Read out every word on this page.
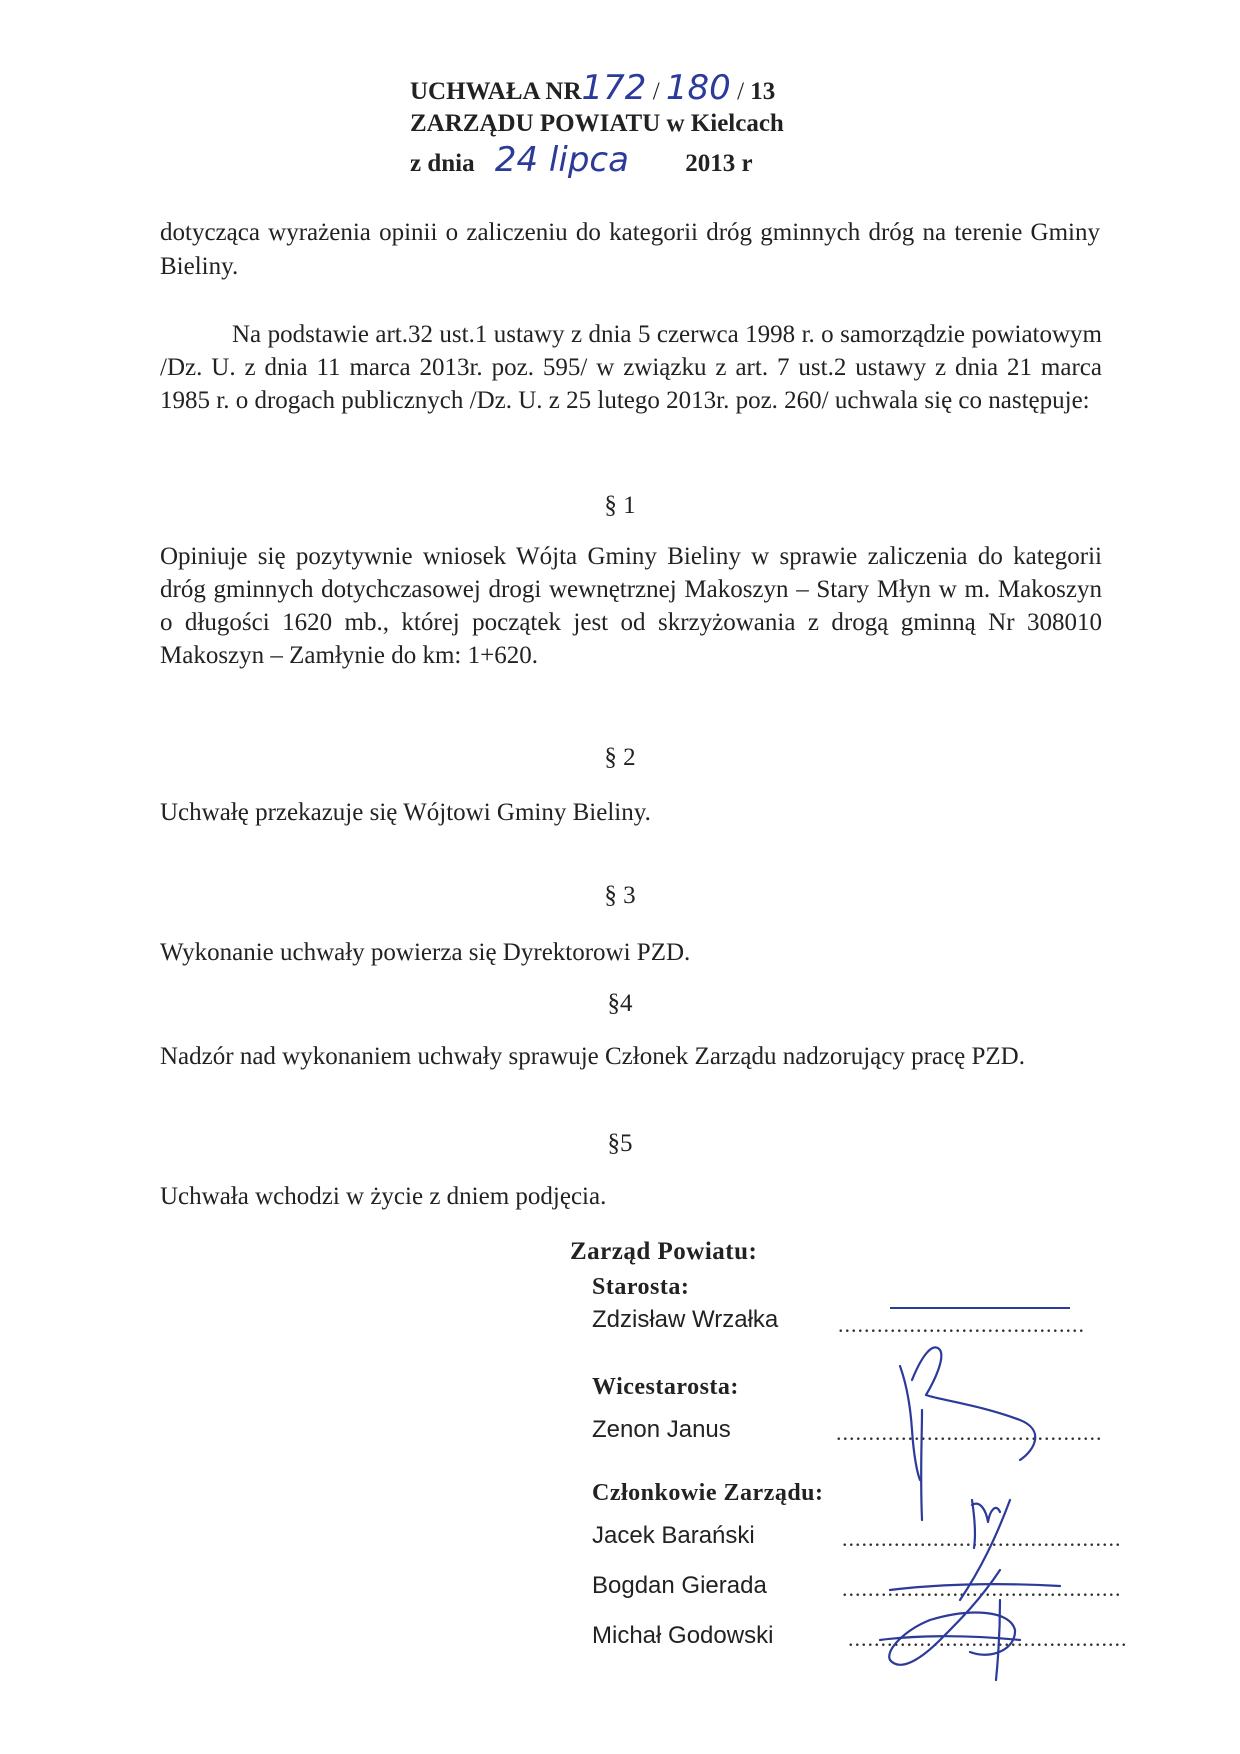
UCHWAŁA NR172 / 180 / 13
ZARZĄDU POWIATU w Kielcach
z dnia 24 lipca 2013 r
dotycząca wyrażenia opinii o zaliczeniu do kategorii dróg gminnych dróg na terenie Gminy Bieliny.
Na podstawie art.32 ust.1 ustawy z dnia 5 czerwca 1998 r. o samorządzie powiatowym /Dz. U. z dnia 11 marca 2013r. poz. 595/ w związku z art. 7 ust.2 ustawy z dnia 21 marca 1985 r. o drogach publicznych /Dz. U. z 25 lutego 2013r. poz. 260/ uchwala się co następuje:
§ 1
Opiniuje się pozytywnie wniosek Wójta Gminy Bieliny w sprawie zaliczenia do kategorii dróg gminnych dotychczasowej drogi wewnętrznej Makoszyn – Stary Młyn w m. Makoszyn o długości 1620 mb., której początek jest od skrzyżowania z drogą gminną Nr 308010 Makoszyn – Zamłynie do km: 1+620.
§ 2
Uchwałę przekazuje się Wójtowi Gminy Bieliny.
§ 3
Wykonanie uchwały powierza się Dyrektorowi PZD.
§4
Nadzór nad wykonaniem uchwały sprawuje Członek Zarządu nadzorujący pracę PZD.
§5
Uchwała wchodzi w życie z dniem podjęcia.
Zarząd Powiatu:
Starosta:
Zdzisław Wrzałka	......................................
Wicestarosta:
Zenon Janus	.........................................
Członkowie Zarządu:
Jacek Barański	...........................................
Bogdan Gierada	...........................................
Michał Godowski	...........................................
